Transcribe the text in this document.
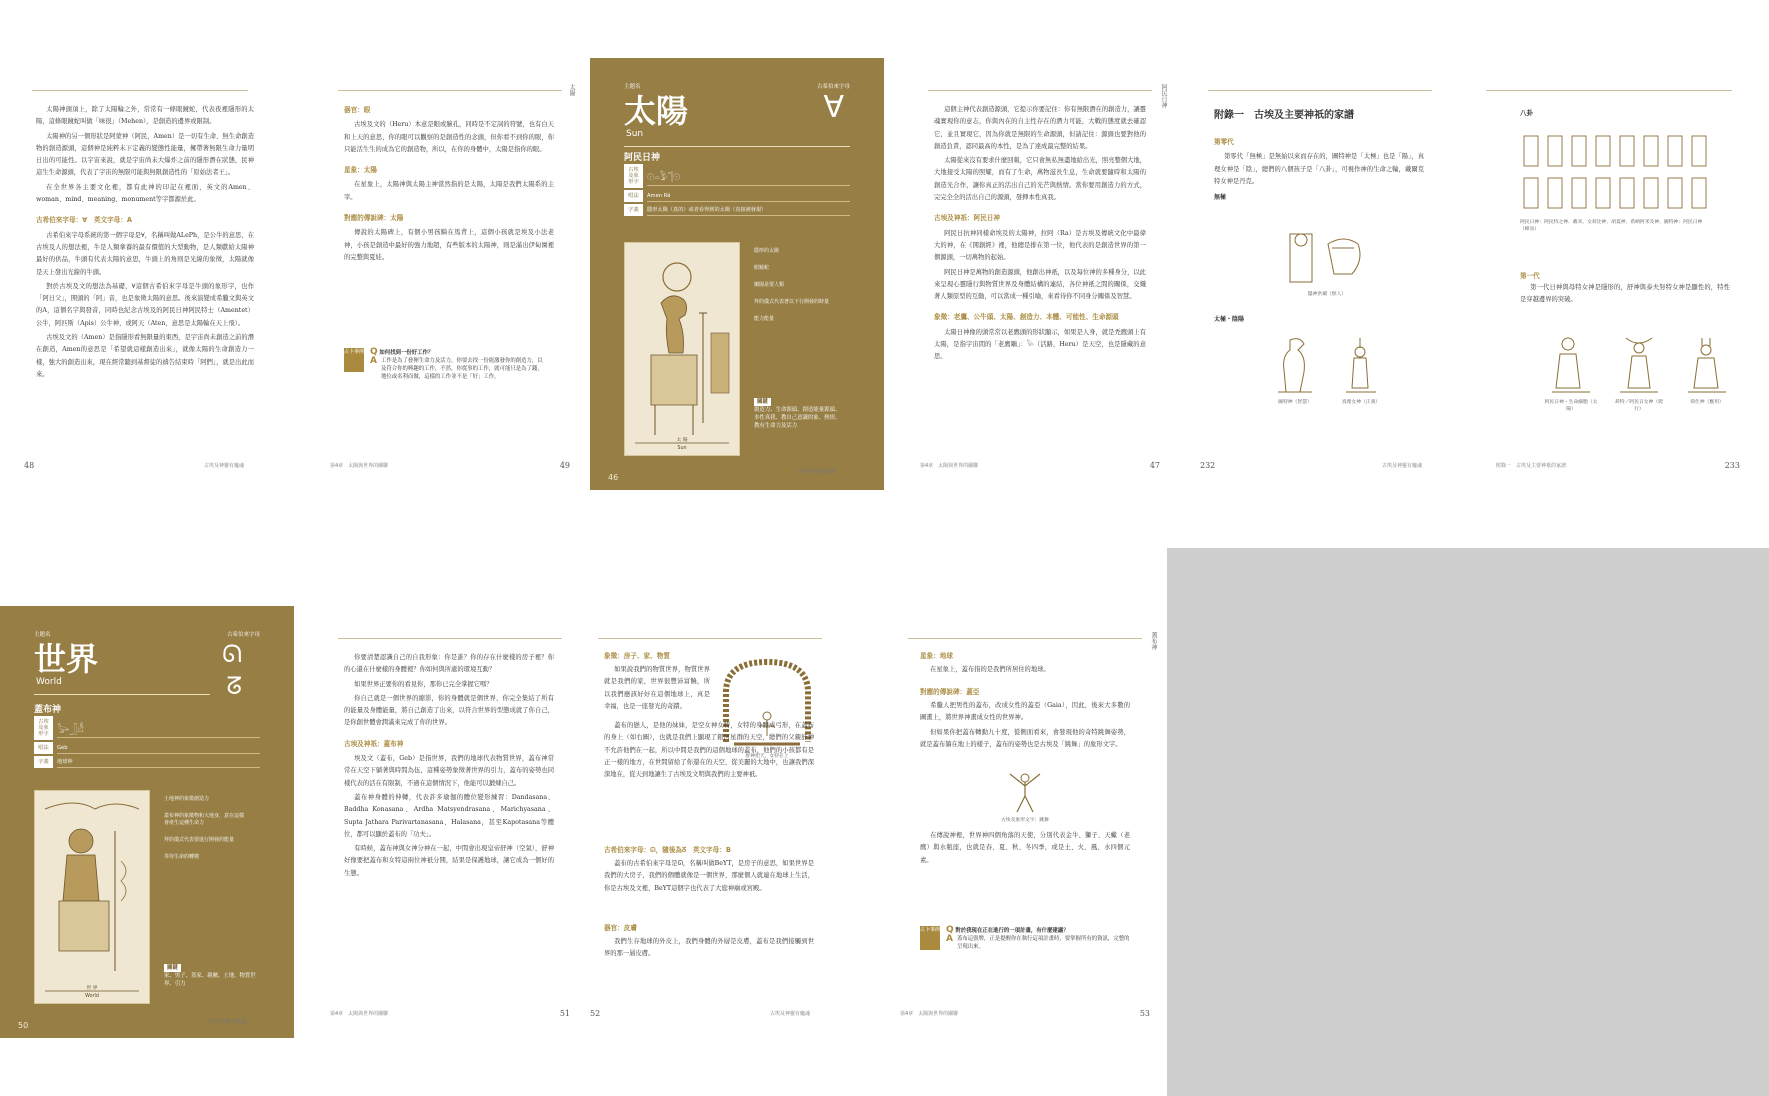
太陽神頭頂上，除了太陽輪之外，常常有一條眼鏡蛇，代表夜裡隱形的太陽，這條眼鏡蛇叫做「味很」（Mehen），是創造的邊界或限制。

太陽神的另一個形狀是阿蒙神（阿民，Amen）是一切有生命、無生命創造物的創造源頭，這個神是純粹未下定義的變態性能量，擁帶著無限生命力量明日出的可能性。以宇宙來說，就是宇宙尚未大爆炸之前的隱形潛在狀態，民神這生生命源頭，代表了宇宙的無限可能與無限創造性的「原始法者王」。

在全世界各主要文化裡，都有此神的印記在裡面，英文的Amen、woman、mind、meaning、monument等字都源於此。

古希伯來字母：∀　英文字母：A

古希伯來字母系統的第一個字母是∀，名稱叫做ALePh，是公牛的意思，在古埃及人的想法裡，牛是人類拿養的最有價值的大型動物，是人類獻給太陽神最好的供品，牛頭有代表太陽的意思，牛頭上的角則是光線的象徵，太陽就像是天上發出光線的牛頭。

對於古埃及文的想法為基礎，∀這個古希伯來字母是牛頭的象形字，也作「阿日父」，開頭的「阿」音，也是象徵太陽的意思。後來演變成希臘文與英文的A，這個名字與發音，同時也紀念古埃及的阿民日神阿民特士（Amentet）公牛，阿匹斯（Apis）公牛神，或阿天（Aten，意思是太陽輪在天上飛）。

古埃及文的（Amen）是指隱形看無限量的東西，是宇宙尚未創造之前的潛在創造，Amen的意思是「希望就這樣創造出來」，就像太陽的生命創造力一樣，強大的創造出來，現在經常聽到基督徒的禱告結束時「阿們」，就是出此而來。

48	古埃及神靈有魔魂
太陽
器官：眼

古埃及文的（Heru）本意是眼或臉孔，同時是不定詞的符號，也有白天和上天的意思，你的眼可以觀察的是創造性的念頭，但你看不到你的眼，你只能活生生的成為它的創造物，所以，在你的身體中，太陽是指你的眼。

星象：太陽

在星象上，太陽神與太陽主神當然指的是太陽，太陽是我們太陽系的主宰。

對應的傳說碑：太陽

傳說的太陽碑上，有個小男孩騎在馬背上，這個小孩就是埃及小法老神，小孩是創造中最好的強力地超，有些版本的太陽神，則是滿出伊甸園裡的完整與夏娃。

占卜事例 Q 如何找到一份好工作？
A 工作是為了發揮生命力及活力，你要去找一份能激發你的創造力，以及符合你的興趣的工作，不然，你從事的工作，就可能只是為了錢，地位或名利而做，這樣的工作並不是「好」工作。
49
第4章　太陽與世界的關聯
主題名	古希伯來字母
太陽
Sun
∀
阿民日神
古埃及象形字 𓇳𓏏𓅱𓊹𓇳
唱法	Amen Rá
字義	隱形太陽（真的）或者看得到的太陽（真接被發現）
太 陽
Sun
隱形的太陽
眼鏡蛇
蘭園是要人類
拜的儀式代表著以下行開發的時量
能力能量
關鍵
創造力、生命源頭、創造能量源頭、本性真我、教自己意識的象、熱情、教有生命力及活力
46
古埃及神靈有魔魂
阿民日神

這個主神代表創造源頭，它提示你要記住：你有無限潛在的創造力，讓靈魂實現你的意志，你與內在的自主性存在的潛力可能，大戰的態度就去確認它，並且實現它，因為你就是無限的生命源頭，但請記住：源頭也要對他的創造負責，認同最高的本性，是為了達成最完整的結果。

太陽從來沒有要求什麼回報，它只會無私無盡地給出光，照亮整個大地，大地接受太陽的照耀，而有了生命，萬物滋長生息，生命就要隨時和太陽的創造光合作，讓你真正的活出自己的光芒與熱情。當你要用創造力的方式，完完全全的活出自己的源頭，發揮本性真我。

古埃及神祇：阿民日神

阿民日抗神同樣命埃及的太陽神，拉阿（Ra）是古埃及傳統文化中最偉大的神，在《開創經》裡，他總是排在第一位，他代表的是創造世界的第一個源頭，一切萬物的起始。

阿民日神是萬物的創造源頭，他創出神祇，以及每位神的多種身分，以此來呈現心靈隱行與物質世界及身體結構的連結，各位神祇之間的關係，交織著人類原型的互動，可以當成一種引喻，來看待你不同身分關係及智慧。

象徵：老鷹、公牛頭、太陽、創造力、本體、可能性、生命源頭

太陽日神像的頭常常以老鷹頭的形狀顯示，如果是人身，就是禿鷹頭上有太陽，是指宇宙間的「老鷹鵰」：𓅃（活路，Heru）是天空，也是隱藏的意思。

47
第4章　太陽與世界的關聯
附錄一　古埃及主要神祇的家譜
第零代

第零代「無極」是無始以來而存在的，圖特神是「太極」也是「陽」，真理女神是「陰」，總們的八個孩子是「八卦」，可視作神的生命之輪，戴爾克特女神是丹克。

無極
隱神洪爾（無人）
太極・陰陽
圖特神（智慧）	真理女神（正義）
232	古埃及神靈有魔魂
八卦
阿民日神：阿民特之神、戴米、女荷比神、胡夏神、希納阿米及神、圖特神：阿民日神（蜂鳥）
第一代
第一代日神與母特女神是隱形的，舒神與泰夫努特女神是顯性的，特性是穿越邊界的突破。
阿民日神・生命細胞（太陽）
荷特／阿民日女神（爬行）
荷仕神（應用）
233
附錄一　古埃及主要神祇的家譜
主題名	古希伯來字母
世界
World
ᘏ
ᘔ
蓋布神
古埃及象形字 𓅬𓃀𓀭
唱法	Geb
字義	地球神
世 界
World
土地神的象徵創造力
蓋布神的象徵物和大地身，意在這樣會產生這種生命力
拜的儀式代表要進行開發的能量
等待生命的轉變
關鍵
家、男子、蓋家、親屬、土地、物質世界、引力
50	古埃及神靈有魔魂

你要清楚認識自己的自我形象：你是誰？你的存在什麼樣的房子裡？你的心還在什麼樣的身體裡？你如何與所處的環境互動？

如果世界正要你的看見你，那你已完全掌握它嗎？

你自己就是一個世界的縮影，你的身體就是個世界，你完全集結了所有的能量及身體能量，將自己創造了出來，以符合世界的型態成就了你自己，是你創世體會潤滿來完成了你的世界。

古埃及神祇：蓋布神

埃及文（蓋布，Geb）是指世界，我們的地球代表物質世界，蓋布神常常在天空下躺著與時間為伍，這種姿勢象徵著世界的引力，蓋布的姿勢也同樣代表的活在有限制，不過在這個情況下，他能可以鍛煉自己。

蓋布神身體的伸轉，代表許多瑜伽的體位變形練習：Dandasana、Baddha Konasana、Ardha Matsyendrasana、Marichyasana、Supta Jathara Parivartanasana、Halasana，甚至Kapotasana等體位，都可以顯於蓋布的「功夫」。

有時候，蓋布神與女神分神在一起，中間會出現皇帝舒神（空氣），舒神好像要把蓋布和女特這兩位神祇分開，結果是保護地球，讓它成為一個好的生態。

51
第4章　太陽與世界的關聯
象徵：房子、家、物質
如果說我們的物質世界，物質世界就是我們的家，世界很豐沛富饒，所以我們應該好好在這個地球上，真是幸福，也是一座發光的奇蹟。
舒神把天，女特在上
蓋布的戀人，是他的妹妹，是空女神女特，女特的身體成弓形，在蓋布的身上（如右圖），也就是我們上顯現了銀河星群的天空，總們的父親舒神不允許他們在一起，所以中間是我們的這個地球的蓋布，他們的小孩都有是正一樣的地方，在世間留給了你還在的天空，從美麗的大地中，也讓我們深深地在，從天到地讓生了古埃及文明與我們的主要神祇。
古希伯來字母：ᘏ，隨後為ᘔ　英文字母：B
蓋布的古希伯來字母是ᘏ，名稱叫做BeYT，是房子的意思，如果世界是我們的大房子，我們的個體就像是一個世界，那麼個人就連在地球上生活，你是古埃及文裡，BeYT這個字也代表了大庭神廟或宮殿。
器官：皮膚
我們生存地球的外皮上，我們身體的外層是皮膚，蓋布是我們接觸到世界的那一層皮膚。
52	古埃及神靈有魔魂
蓋布神
星象：地球
在星象上，蓋布指的是我們所居住的地球。
對應的傳說碑：蓋亞

希臘人把男性的蓋布，改成女性的蓋亞（Gaia），因此，後來大多數的圖畫上，將世界神畫成女性的世界神。

但如果你把蓋布轉動九十度，從側面看來，會發現他的奇特跳舞姿勢，就是蓋布躺在地上的樣子，蓋布的姿勢也是古埃及「跳舞」的象形文字。

古埃及象形文字：跳舞
在傳說神裡，世界神四個角落的天使，分別代表金牛、獅子、天蠍（老鷹）與水瓶座，也就是春、夏、秋、冬四季，或是土、火、風、水四個元素。
占卜事例 Q 對於我現在正在進行的一項計畫，有什麼建議？
A 蓋布這張牌，正是提醒你在執行這項計畫時，要掌握所有的資訊，完整的呈現出來。
53
第4章　太陽與世界的關聯
